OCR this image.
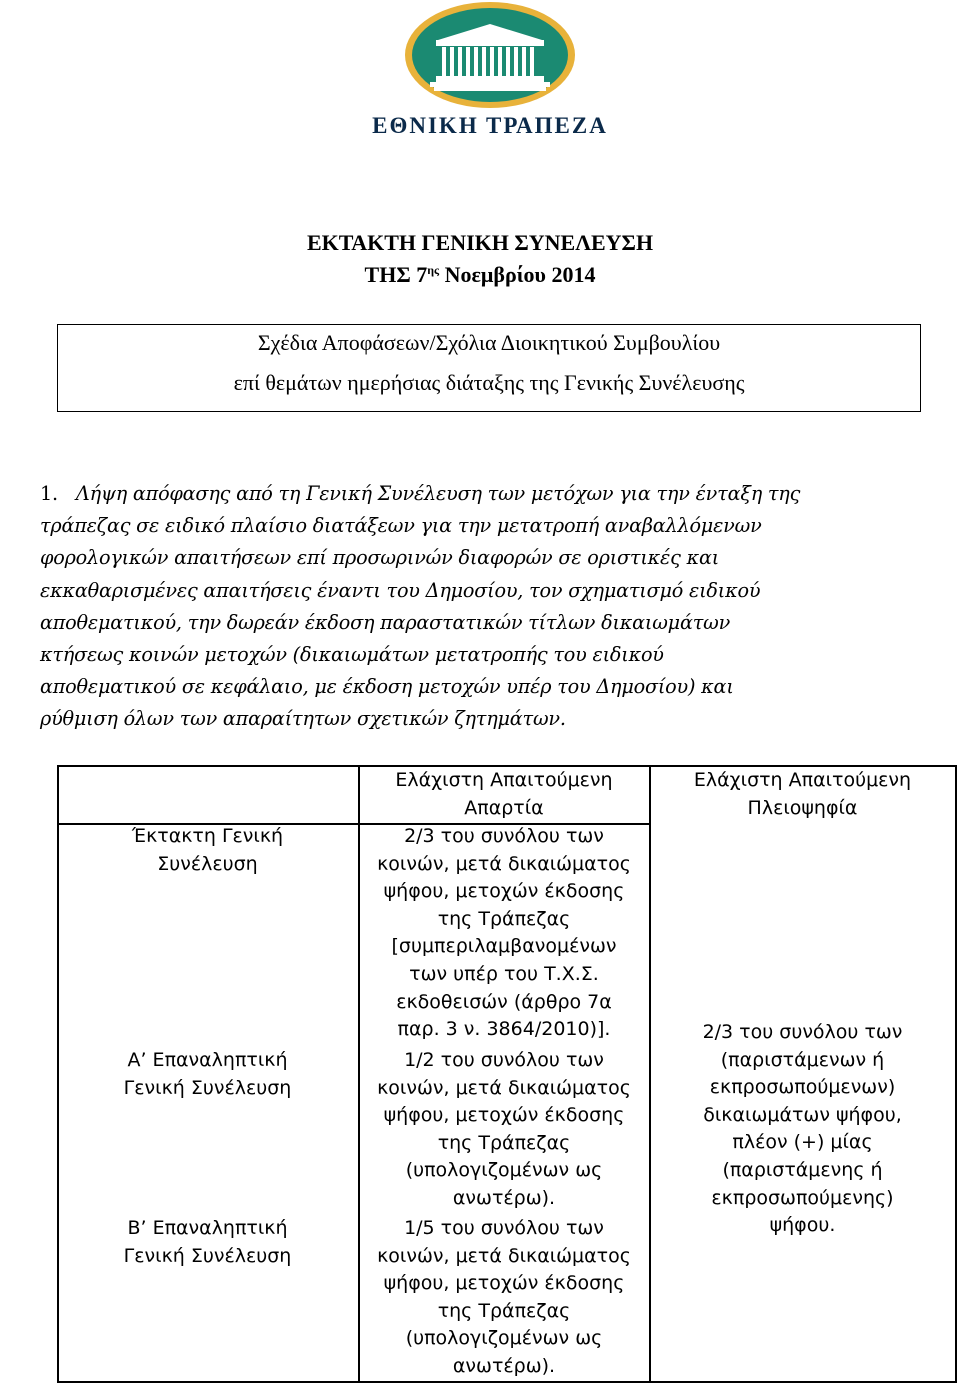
ΕΘΝΙΚΗ ΤΡΑΠΕΖΑ
ΕΚΤΑΚΤΗ ΓΕΝΙΚΗ ΣΥΝΕΛΕΥΣΗ
ΤΗΣ $7^{\eta\varsigma}$ Νοεμβρίου 2014
Σχέδια Αποφάσεων/Σχόλια Διοικητικού Συμβουλίου
επί θεμάτων ημερήσιας διάταξης της Γενικής Συνέλευσης
1. Λήψη απόφασης από τη Γενική Συνέλευση των μετόχων για την ένταξη της
τράπεζας σε ειδικό πλαίσιο διατάξεων για την μετατροπή αναβαλλόμενων
φορολογικών απαιτήσεων επί προσωρινών διαφορών σε οριστικές και
εκκαθαρισμένες απαιτήσεις έναντι του Δημοσίου, τον σχηματισμό ειδικού
αποθεματικού, την δωρεάν έκδοση παραστατικών τίτλων δικαιωμάτων
κτήσεως κοινών μετοχών (δικαιωμάτων μετατροπής του ειδικού
αποθεματικού σε κεφάλαιο, με έκδοση μετοχών υπέρ του Δημοσίου) και
ρύθμιση όλων των απαραίτητων σχετικών ζητημάτων.
Ελάχιστη Απαιτούμενη
Απαρτία
Ελάχιστη Απαιτούμενη
Πλειοψηφία
Έκτακτη Γενική
Συνέλευση
2/3 του συνόλου των
κοινών, μετά δικαιώματος
ψήφου, μετοχών έκδοσης
της Τράπεζας
[συμπεριλαμβανομένων
των υπέρ του Τ.Χ.Σ.
εκδοθεισών (άρθρο 7α
παρ. 3 ν. 3864/2010)].
Α’ Επαναληπτική
Γενική Συνέλευση
1/2 του συνόλου των
κοινών, μετά δικαιώματος
ψήφου, μετοχών έκδοσης
της Τράπεζας
(υπολογιζομένων ως
ανωτέρω).
Β’ Επαναληπτική
Γενική Συνέλευση
1/5 του συνόλου των
κοινών, μετά δικαιώματος
ψήφου, μετοχών έκδοσης
της Τράπεζας
(υπολογιζομένων ως
ανωτέρω).
2/3 του συνόλου των
(παριστάμενων ή
εκπροσωπούμενων)
δικαιωμάτων ψήφου,
πλέον (+) μίας
(παριστάμενης ή
εκπροσωπούμενης)
ψήφου.
